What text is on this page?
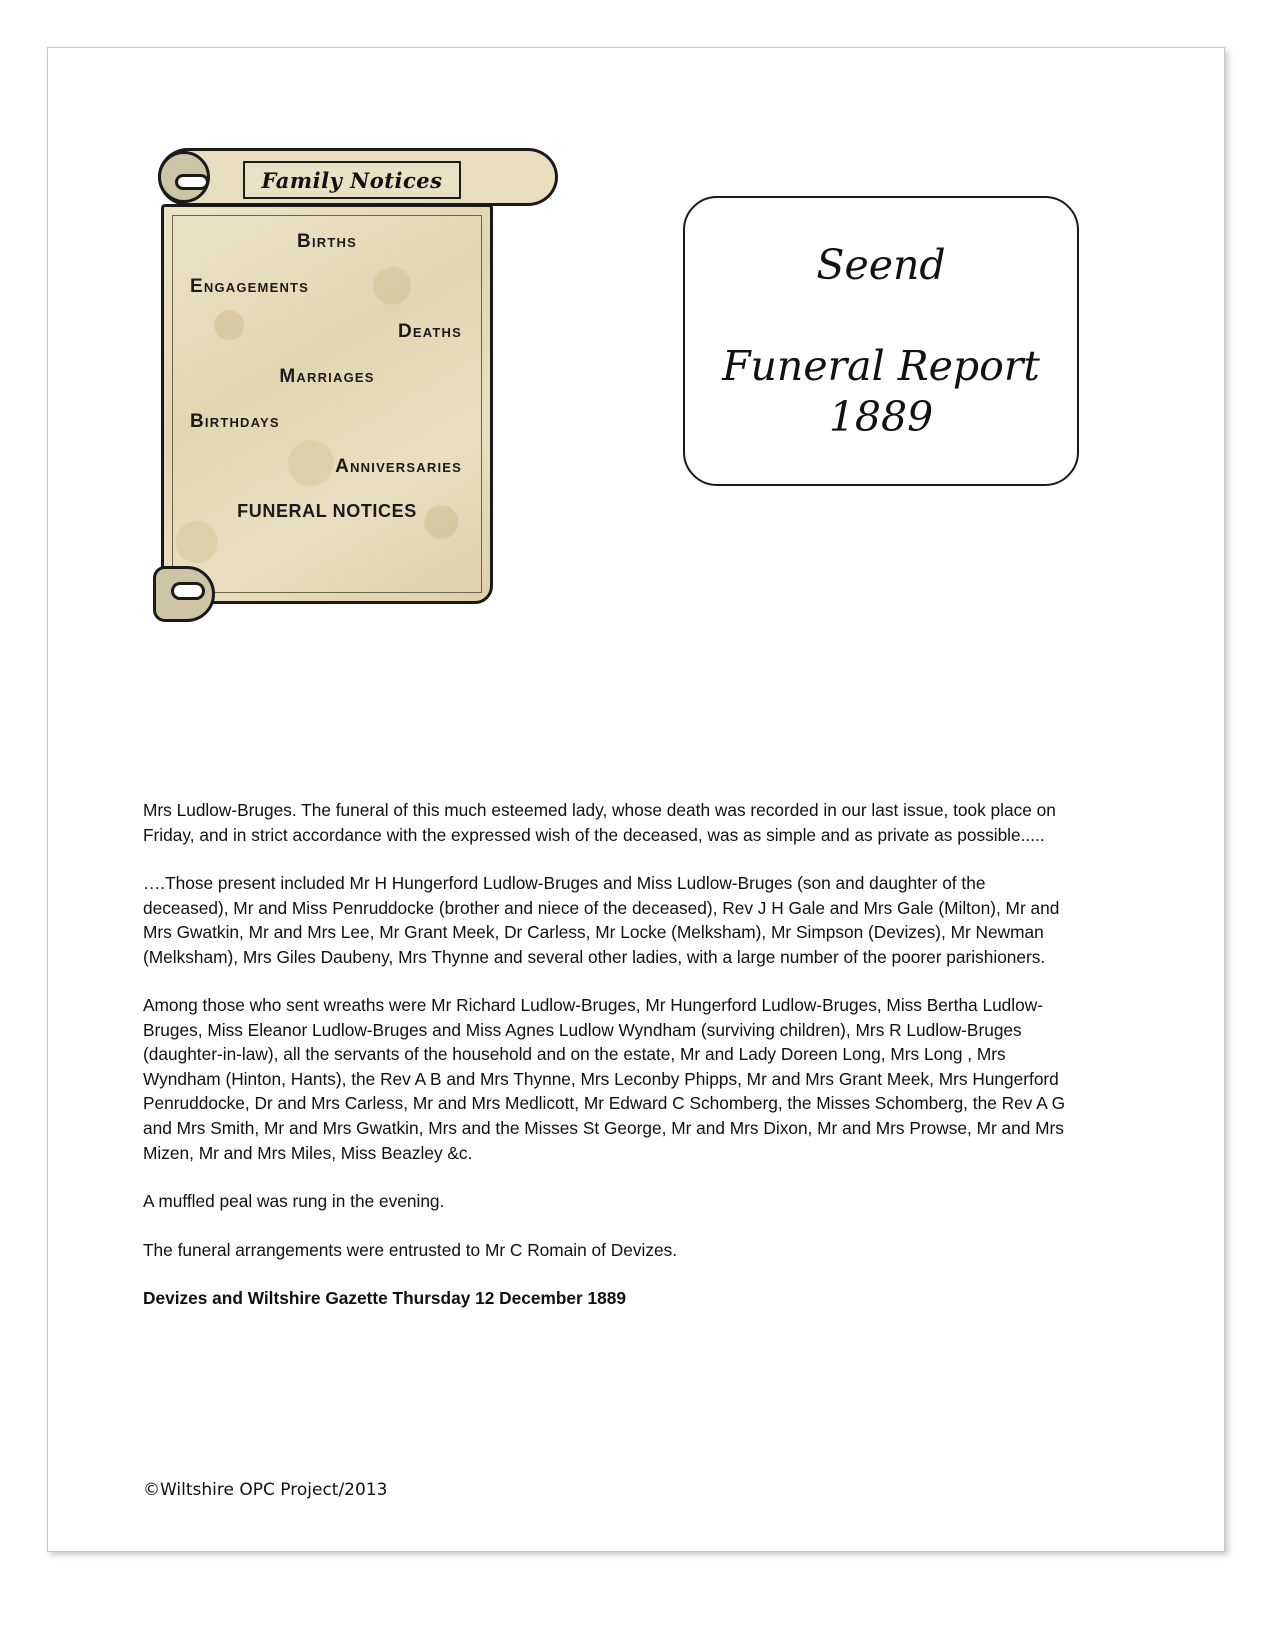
Family Notices
Births
Engagements
Deaths
Marriages
Birthdays
Anniversaries
FUNERAL NOTICES
Seend
Funeral Report
1889

Mrs Ludlow-Bruges. The funeral of this much esteemed lady, whose death was recorded in our last issue, took place on Friday, and in strict accordance with the expressed wish of the deceased, was as simple and as private as possible.....

….Those present included Mr H Hungerford Ludlow-Bruges and Miss Ludlow-Bruges (son and daughter of the deceased), Mr and Miss Penruddocke (brother and niece of the deceased), Rev J H Gale and Mrs Gale (Milton), Mr and Mrs Gwatkin, Mr and Mrs Lee, Mr Grant Meek, Dr Carless, Mr Locke (Melksham), Mr Simpson (Devizes), Mr Newman (Melksham), Mrs Giles Daubeny, Mrs Thynne and several other ladies, with a large number of the poorer parishioners.

Among those who sent wreaths were Mr Richard Ludlow-Bruges, Mr Hungerford Ludlow-Bruges, Miss Bertha Ludlow-Bruges, Miss Eleanor Ludlow-Bruges and Miss Agnes Ludlow Wyndham (surviving children), Mrs R Ludlow-Bruges (daughter-in-law), all the servants of the household and on the estate, Mr and Lady Doreen Long, Mrs Long , Mrs Wyndham (Hinton, Hants), the Rev A B and Mrs Thynne, Mrs Leconby Phipps, Mr and Mrs Grant Meek, Mrs Hungerford Penruddocke, Dr and Mrs Carless, Mr and Mrs Medlicott, Mr Edward C Schomberg, the Misses Schomberg, the Rev A G and Mrs Smith, Mr and Mrs Gwatkin, Mrs and the Misses St George, Mr and Mrs Dixon, Mr and Mrs Prowse, Mr and Mrs Mizen, Mr and Mrs Miles, Miss Beazley &c.

A muffled peal was rung in the evening.

The funeral arrangements were entrusted to Mr C Romain of Devizes.

Devizes and Wiltshire Gazette Thursday 12 December 1889

©Wiltshire OPC Project/2013
